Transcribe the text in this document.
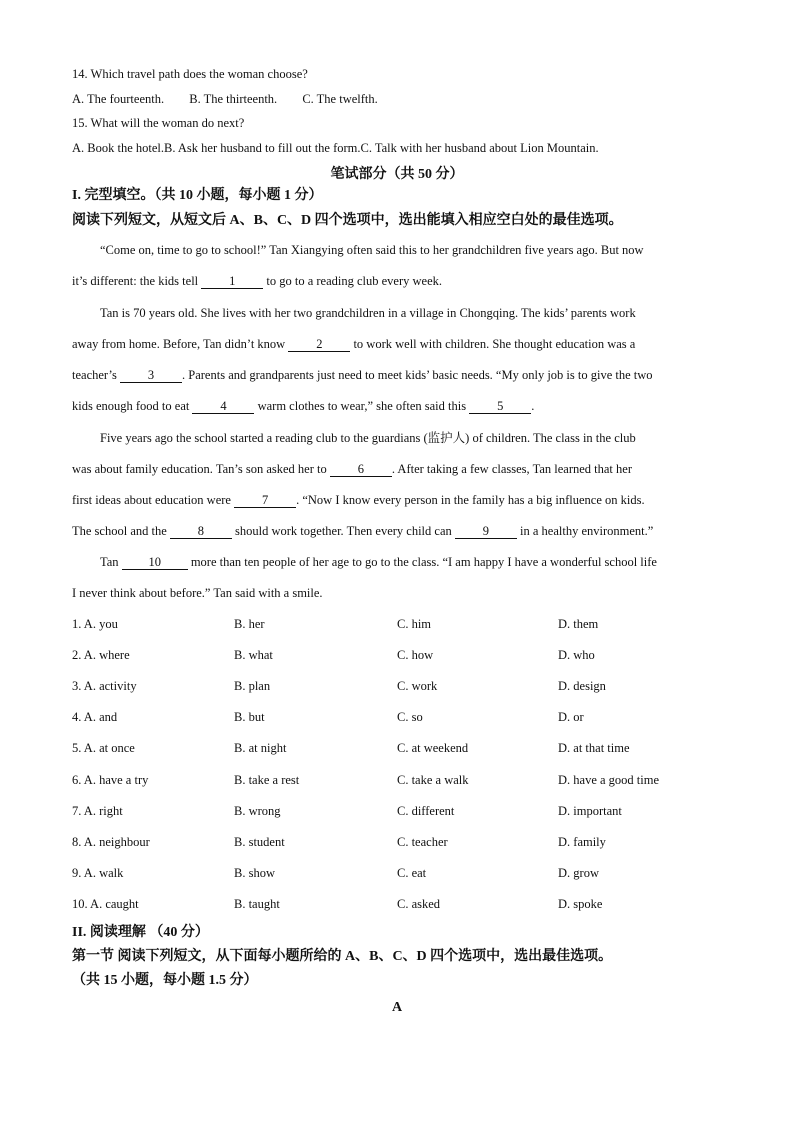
14. Which travel path does the woman choose?
A. The fourteenth. B. The thirteenth. C. The twelfth.
15. What will the woman do next?
A. Book the hotel.B. Ask her husband to fill out the form.C. Talk with her husband about Lion Mountain.
笔试部分（共 50 分）
I. 完型填空。（共 10 小题，每小题 1 分）
阅读下列短文，从短文后 A、B、C、D 四个选项中，选出能填入相应空白处的最佳选项。
“Come on, time to go to school!” Tan Xiangying often said this to her grandchildren five years ago. But now
it’s different: the kids tell 1 to go to a reading club every week.
Tan is 70 years old. She lives with her two grandchildren in a village in Chongqing. The kids’ parents work
away from home. Before, Tan didn’t know 2 to work well with children. She thought education was a
teacher’s 3 . Parents and grandparents just need to meet kids’ basic needs. “My only job is to give the two
kids enough food to eat 4 warm clothes to wear,” she often said this 5 .
Five years ago the school started a reading club to the guardians (监护人) of children. The class in the club
was about family education. Tan’s son asked her to 6 . After taking a few classes, Tan learned that her
first ideas about education were 7 . “Now I know every person in the family has a big influence on kids.
The school and the 8 should work together. Then every child can 9 in a healthy environment.”
Tan 10 more than ten people of her age to go to the class. “I am happy I have a wonderful school life
I never think about before.” Tan said with a smile.
1. A. you	B. her	C. him	D. them
2. A. where	B. what	C. how	D. who
3. A. activity	B. plan	C. work	D. design
4. A. and	B. but	C. so	D. or
5. A. at once	B. at night	C. at weekend	D. at that time
6. A. have a try	B. take a rest	C. take a walk	D. have a good time
7. A. right	B. wrong	C. different	D. important
8. A. neighbour	B. student	C. teacher	D. family
9. A. walk	B. show	C. eat	D. grow
10. A. caught	B. taught	C. asked	D. spoke
II. 阅读理解 （40 分）
第一节 阅读下列短文，从下面每小题所给的 A、B、C、D 四个选项中，选出最佳选项。
（共 15 小题，每小题 1.5 分）
A
